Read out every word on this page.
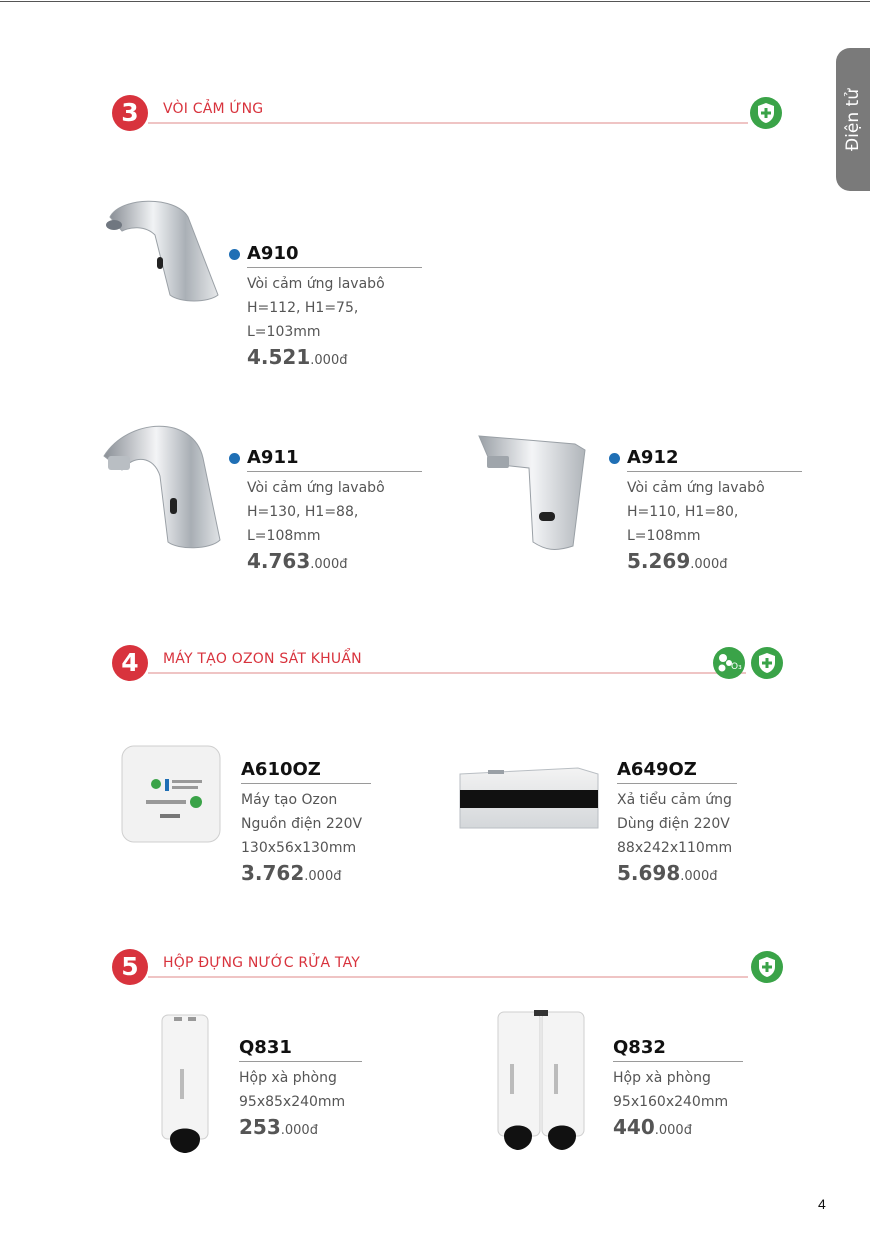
Điện tử
3	VÒI CẢM ỨNG
4	MÁY TẠO OZON SÁT KHUẨN	O₃
5	HỘP ĐỰNG NƯỚC RỬA TAY
A910
Vòi cảm ứng lavabô
H=112, H1=75, L=103mm
4.521.000đ
A911
Vòi cảm ứng lavabô
H=130, H1=88, L=108mm
4.763.000đ
A912
Vòi cảm ứng lavabô
H=110, H1=80, L=108mm
5.269.000đ
A610OZ
Máy tạo Ozon
Nguồn điện 220V
130x56x130mm
3.762.000đ
A649OZ
Xả tiểu cảm ứng
Dùng điện 220V
88x242x110mm
5.698.000đ
Q831
Hộp xà phòng
95x85x240mm
253.000đ
Q832
Hộp xà phòng
95x160x240mm
440.000đ
4
